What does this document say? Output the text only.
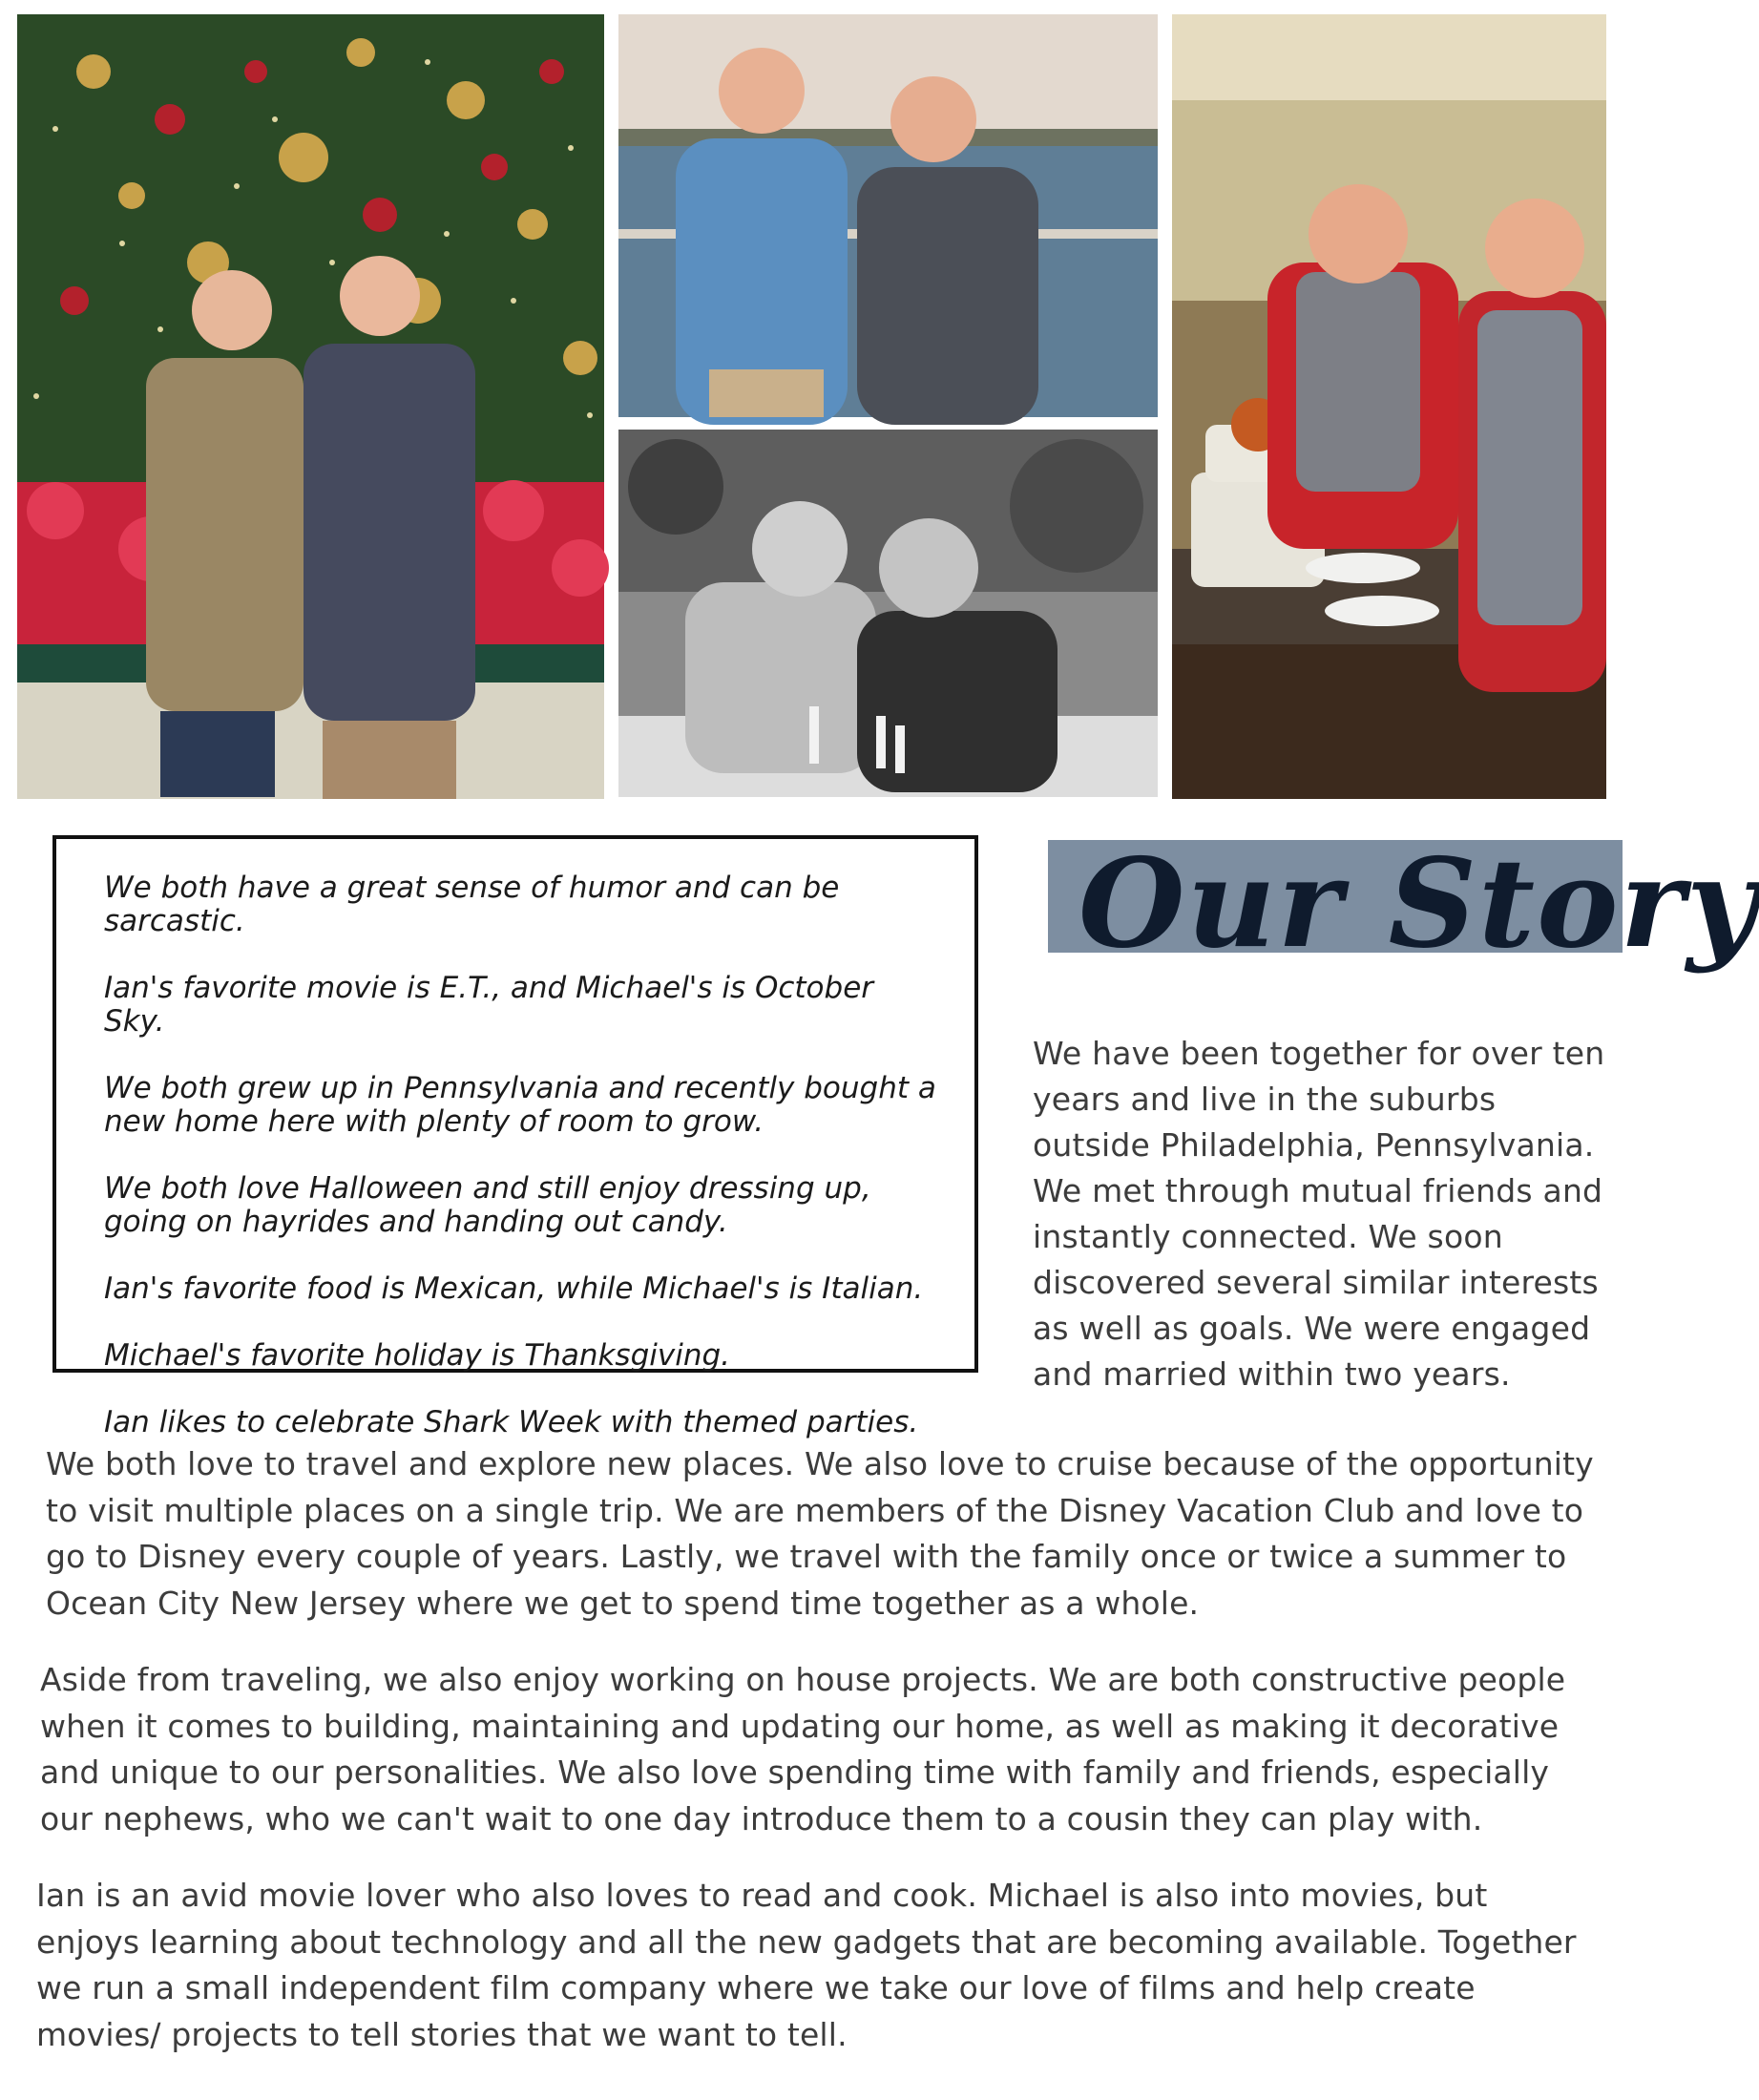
We both have a great sense of humor and can be sarcastic.

Ian's favorite movie is E.T., and Michael's is October Sky.

We both grew up in Pennsylvania and recently bought a new home here with plenty of room to grow.

We both love Halloween and still enjoy dressing up, going on hayrides and handing out candy.

Ian's favorite food is Mexican, while Michael's is Italian.

Michael's favorite holiday is Thanksgiving.

Ian likes to celebrate Shark Week with themed parties.

Our Story

We have been together for over ten years and live in the suburbs outside Philadelphia, Pennsylvania. We met through mutual friends and instantly connected. We soon discovered several similar interests as well as goals. We were engaged and married within two years.

We both love to travel and explore new places. We also love to cruise because of the opportunity to visit multiple places on a single trip. We are members of the Disney Vacation Club and love to go to Disney every couple of years. Lastly, we travel with the family once or twice a summer to Ocean City New Jersey where we get to spend time together as a whole.

Aside from traveling, we also enjoy working on house projects. We are both constructive people when it comes to building, maintaining and updating our home, as well as making it decorative and unique to our personalities. We also love spending time with family and friends, especially our nephews, who we can't wait to one day introduce them to a cousin they can play with.

Ian is an avid movie lover who also loves to read and cook. Michael is also into movies, but enjoys learning about technology and all the new gadgets that are becoming available. Together we run a small independent film company where we take our love of films and help create movies/ projects to tell stories that we want to tell.
